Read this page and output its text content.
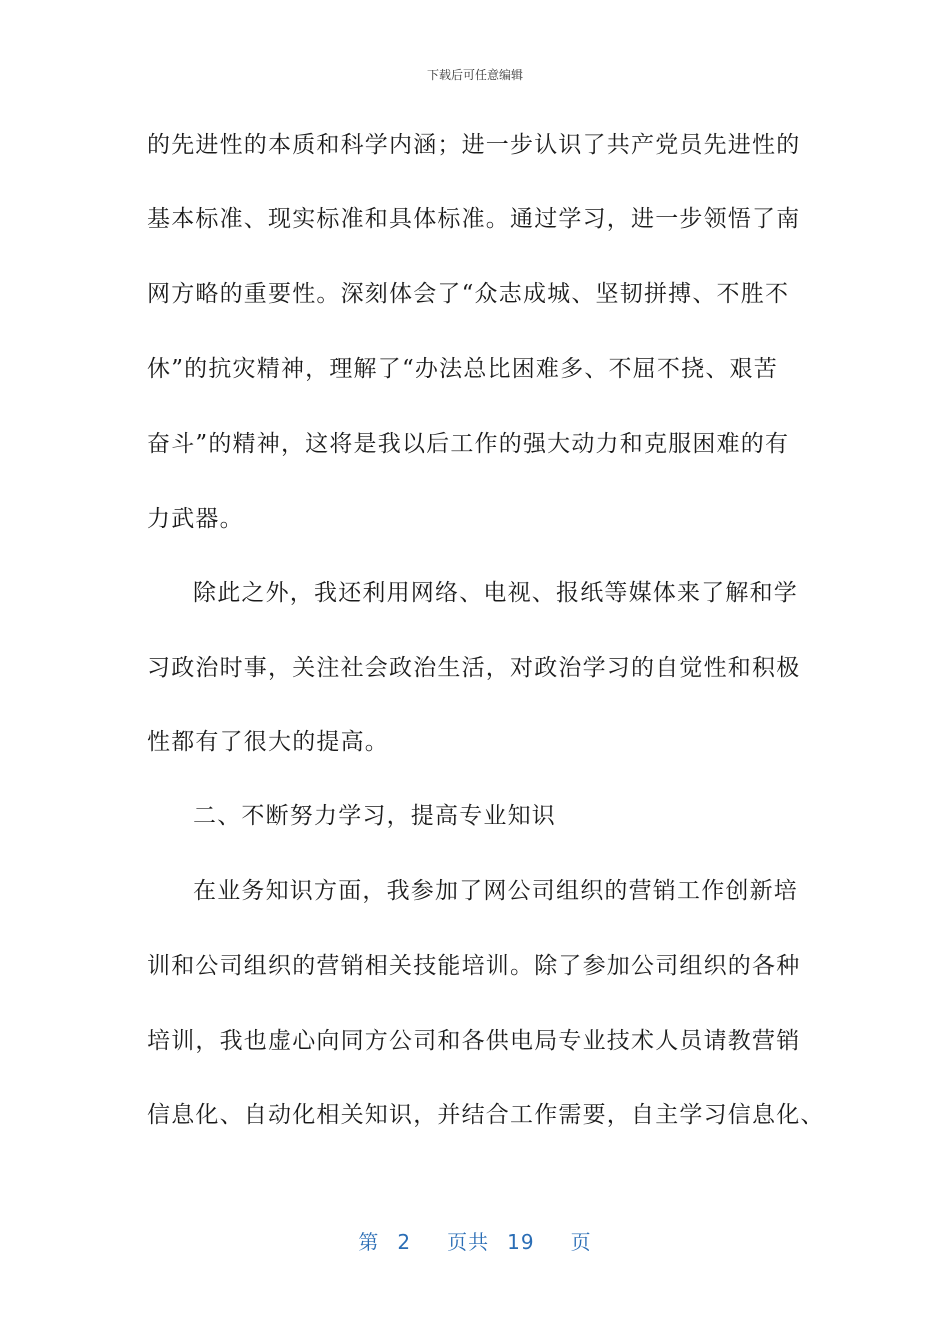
下载后可任意编辑
的先进性的本质和科学内涵；进一步认识了共产党员先进性的
基本标准、现实标准和具体标准。通过学习，进一步领悟了南
网方略的重要性。深刻体会了“众志成城、坚韧拼搏、不胜不
休”的抗灾精神，理解了“办法总比困难多、不屈不挠、艰苦
奋斗”的精神，这将是我以后工作的强大动力和克服困难的有
力武器。
除此之外，我还利用网络、电视、报纸等媒体来了解和学
习政治时事，关注社会政治生活，对政治学习的自觉性和积极
性都有了很大的提高。
二、不断努力学习，提高专业知识
在业务知识方面，我参加了网公司组织的营销工作创新培
训和公司组织的营销相关技能培训。除了参加公司组织的各种
培训，我也虚心向同方公司和各供电局专业技术人员请教营销
信息化、自动化相关知识，并结合工作需要，自主学习信息化、
第 2 页共 19 页
